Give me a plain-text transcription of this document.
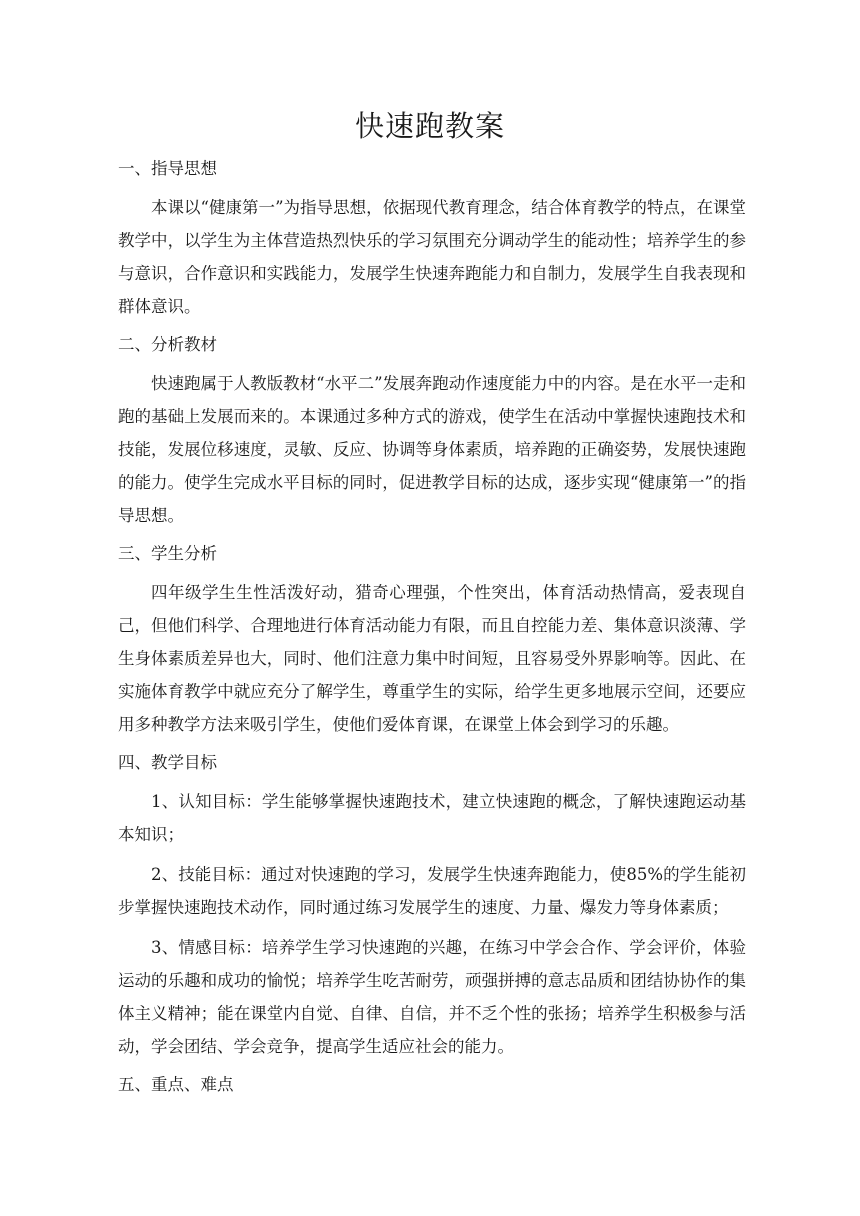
快速跑教案
一、指导思想
本课以“健康第一”为指导思想，依据现代教育理念，结合体育教学的特点，在课堂教学中，以学生为主体营造热烈快乐的学习氛围充分调动学生的能动性；培养学生的参与意识，合作意识和实践能力，发展学生快速奔跑能力和自制力，发展学生自我表现和群体意识。
二、分析教材
快速跑属于人教版教材“水平二”发展奔跑动作速度能力中的内容。是在水平一走和跑的基础上发展而来的。本课通过多种方式的游戏，使学生在活动中掌握快速跑技术和技能，发展位移速度，灵敏、反应、协调等身体素质，培养跑的正确姿势，发展快速跑的能力。使学生完成水平目标的同时，促进教学目标的达成，逐步实现“健康第一”的指导思想。
三、学生分析
四年级学生生性活泼好动，猎奇心理强，个性突出，体育活动热情高，爱表现自己，但他们科学、合理地进行体育活动能力有限，而且自控能力差、集体意识淡薄、学生身体素质差异也大，同时、他们注意力集中时间短，且容易受外界影响等。因此、在实施体育教学中就应充分了解学生，尊重学生的实际，给学生更多地展示空间，还要应用多种教学方法来吸引学生，使他们爱体育课，在课堂上体会到学习的乐趣。
四、教学目标
1、认知目标：学生能够掌握快速跑技术，建立快速跑的概念，了解快速跑运动基本知识；
2、技能目标：通过对快速跑的学习，发展学生快速奔跑能力，使85%的学生能初步掌握快速跑技术动作，同时通过练习发展学生的速度、力量、爆发力等身体素质；
3、情感目标：培养学生学习快速跑的兴趣，在练习中学会合作、学会评价，体验运动的乐趣和成功的愉悦；培养学生吃苦耐劳，顽强拼搏的意志品质和团结协协作的集体主义精神；能在课堂内自觉、自律、自信，并不乏个性的张扬；培养学生积极参与活动，学会团结、学会竞争，提高学生适应社会的能力。
五、重点、难点
